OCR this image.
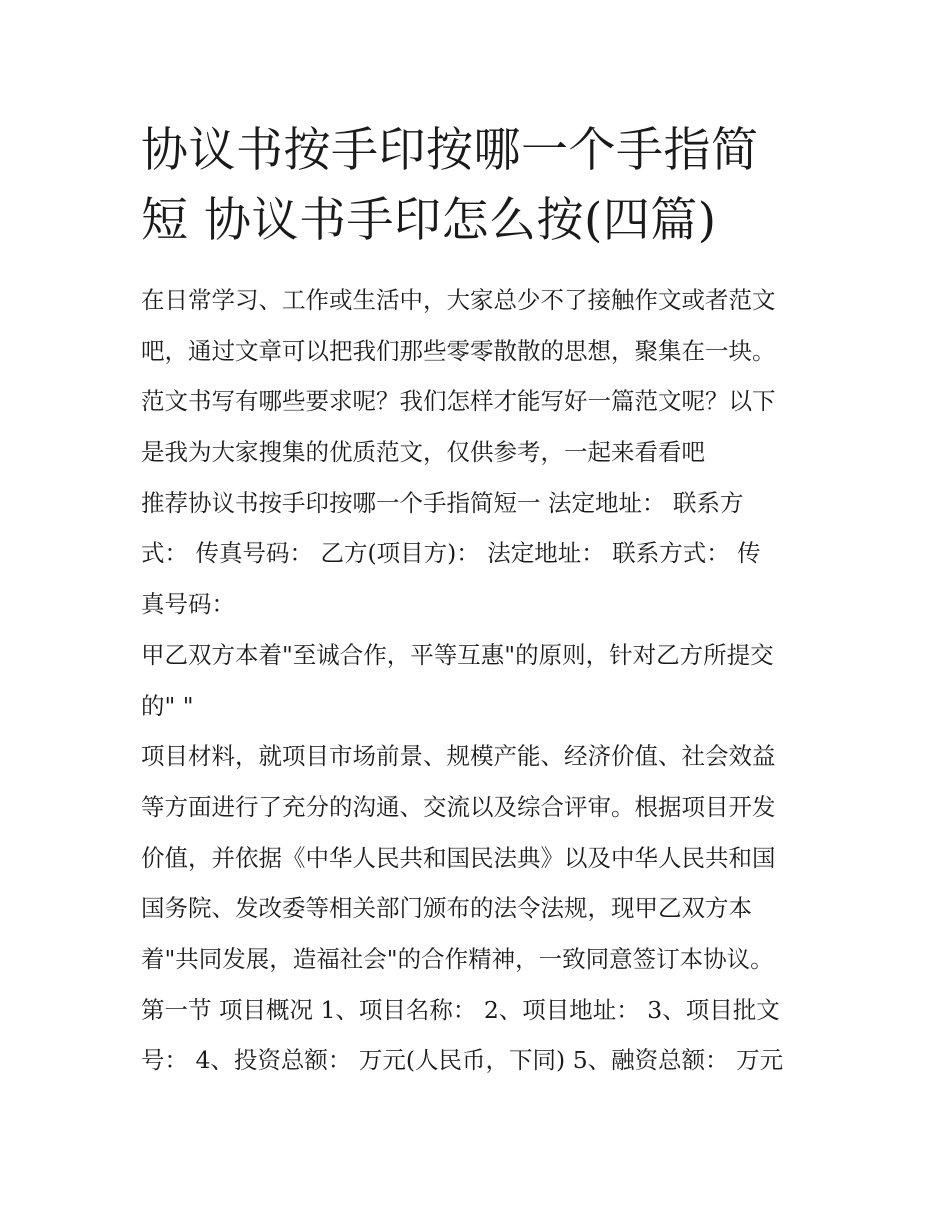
协议书按手印按哪一个手指简
短 协议书手印怎么按(四篇)
在日常学习、工作或生活中，大家总少不了接触作文或者范文
吧，通过文章可以把我们那些零零散散的思想，聚集在一块。
范文书写有哪些要求呢？我们怎样才能写好一篇范文呢？以下
是我为大家搜集的优质范文，仅供参考，一起来看看吧
推荐协议书按手印按哪一个手指简短一 法定地址： 联系方
式： 传真号码： 乙方(项目方)： 法定地址： 联系方式： 传
真号码：
甲乙双方本着"至诚合作，平等互惠"的原则，针对乙方所提交
的" "
项目材料，就项目市场前景、规模产能、经济价值、社会效益
等方面进行了充分的沟通、交流以及综合评审。根据项目开发
价值，并依据《中华人民共和国民法典》以及中华人民共和国
国务院、发改委等相关部门颁布的法令法规，现甲乙双方本
着"共同发展，造福社会"的合作精神，一致同意签订本协议。
第一节 项目概况 1、项目名称： 2、项目地址： 3、项目批文
号： 4、投资总额： 万元(人民币，下同) 5、融资总额： 万元
